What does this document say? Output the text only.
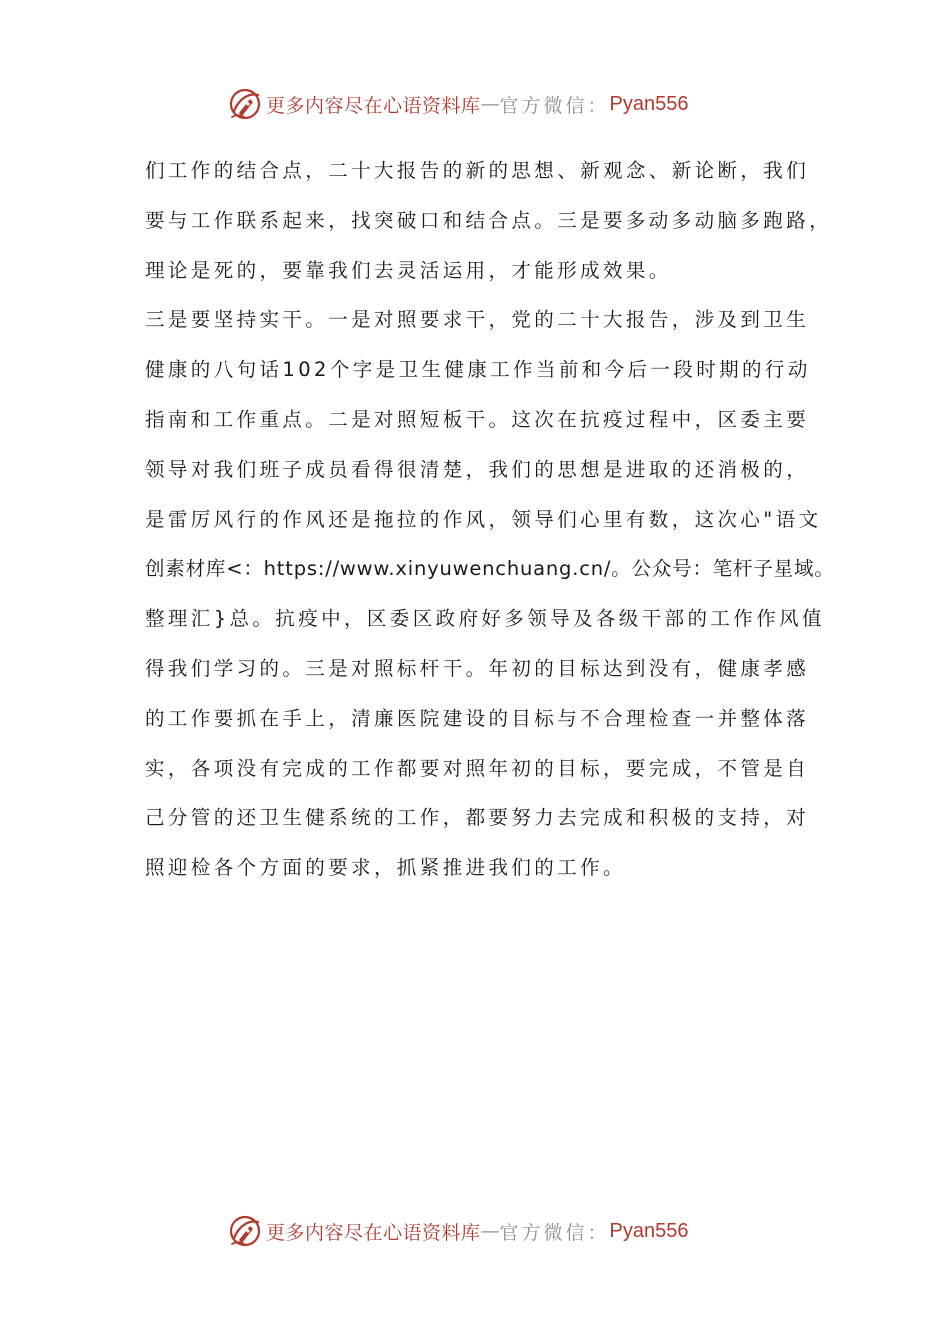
更多内容尽在心语资料库 — 官方微信： Pyan556
们工作的结合点，二十大报告的新的思想、新观念、新论断，我们
要与工作联系起来，找突破口和结合点。三是要多动多动脑多跑路，
理论是死的，要靠我们去灵活运用，才能形成效果。
三是要坚持实干。一是对照要求干，党的二十大报告，涉及到卫生
健康的八句话102个字是卫生健康工作当前和今后一段时期的行动
指南和工作重点。二是对照短板干。这次在抗疫过程中，区委主要
领导对我们班子成员看得很清楚，我们的思想是进取的还消极的，
是雷厉风行的作风还是拖拉的作风，领导们心里有数，这次心"语文
创素材库<：https://www.xinyuwenchuang.cn/。公众号：笔杆子星域。
整理汇}总。抗疫中，区委区政府好多领导及各级干部的工作作风值
得我们学习的。三是对照标杆干。年初的目标达到没有，健康孝感
的工作要抓在手上，清廉医院建设的目标与不合理检查一并整体落
实，各项没有完成的工作都要对照年初的目标，要完成，不管是自
己分管的还卫生健系统的工作，都要努力去完成和积极的支持，对
照迎检各个方面的要求，抓紧推进我们的工作。
更多内容尽在心语资料库 — 官方微信： Pyan556
